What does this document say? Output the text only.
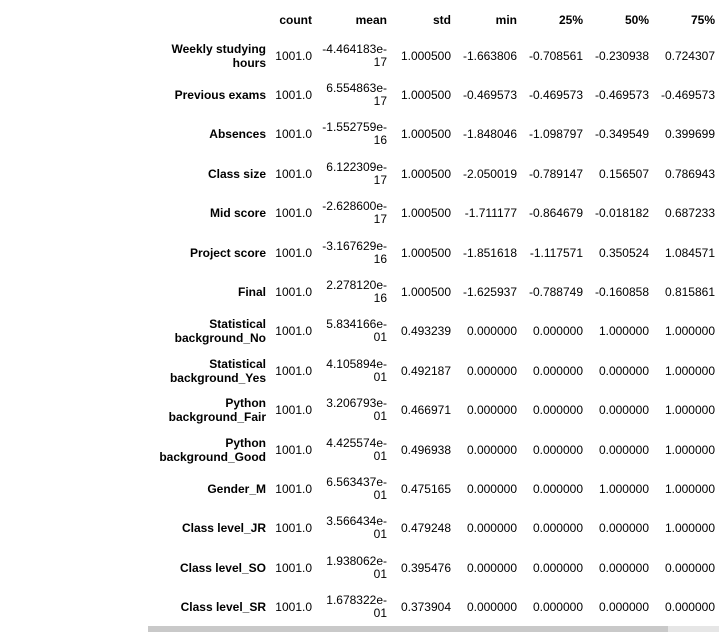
	count	mean	std	min	25%	50%	75%
Weekly studying hours	1001.0	-4.464183e-17	1.000500	-1.663806	-0.708561	-0.230938	0.724307
Previous exams	1001.0	6.554863e-17	1.000500	-0.469573	-0.469573	-0.469573	-0.469573
Absences	1001.0	-1.552759e-16	1.000500	-1.848046	-1.098797	-0.349549	0.399699
Class size	1001.0	6.122309e-17	1.000500	-2.050019	-0.789147	0.156507	0.786943
Mid score	1001.0	-2.628600e-17	1.000500	-1.711177	-0.864679	-0.018182	0.687233
Project score	1001.0	-3.167629e-16	1.000500	-1.851618	-1.117571	0.350524	1.084571
Final	1001.0	2.278120e-16	1.000500	-1.625937	-0.788749	-0.160858	0.815861
Statistical background_No	1001.0	5.834166e-01	0.493239	0.000000	0.000000	1.000000	1.000000
Statistical background_Yes	1001.0	4.105894e-01	0.492187	0.000000	0.000000	0.000000	1.000000
Python background_Fair	1001.0	3.206793e-01	0.466971	0.000000	0.000000	0.000000	1.000000
Python background_Good	1001.0	4.425574e-01	0.496938	0.000000	0.000000	0.000000	1.000000
Gender_M	1001.0	6.563437e-01	0.475165	0.000000	0.000000	1.000000	1.000000
Class level_JR	1001.0	3.566434e-01	0.479248	0.000000	0.000000	0.000000	1.000000
Class level_SO	1001.0	1.938062e-01	0.395476	0.000000	0.000000	0.000000	0.000000
Class level_SR	1001.0	1.678322e-01	0.373904	0.000000	0.000000	0.000000	0.000000
